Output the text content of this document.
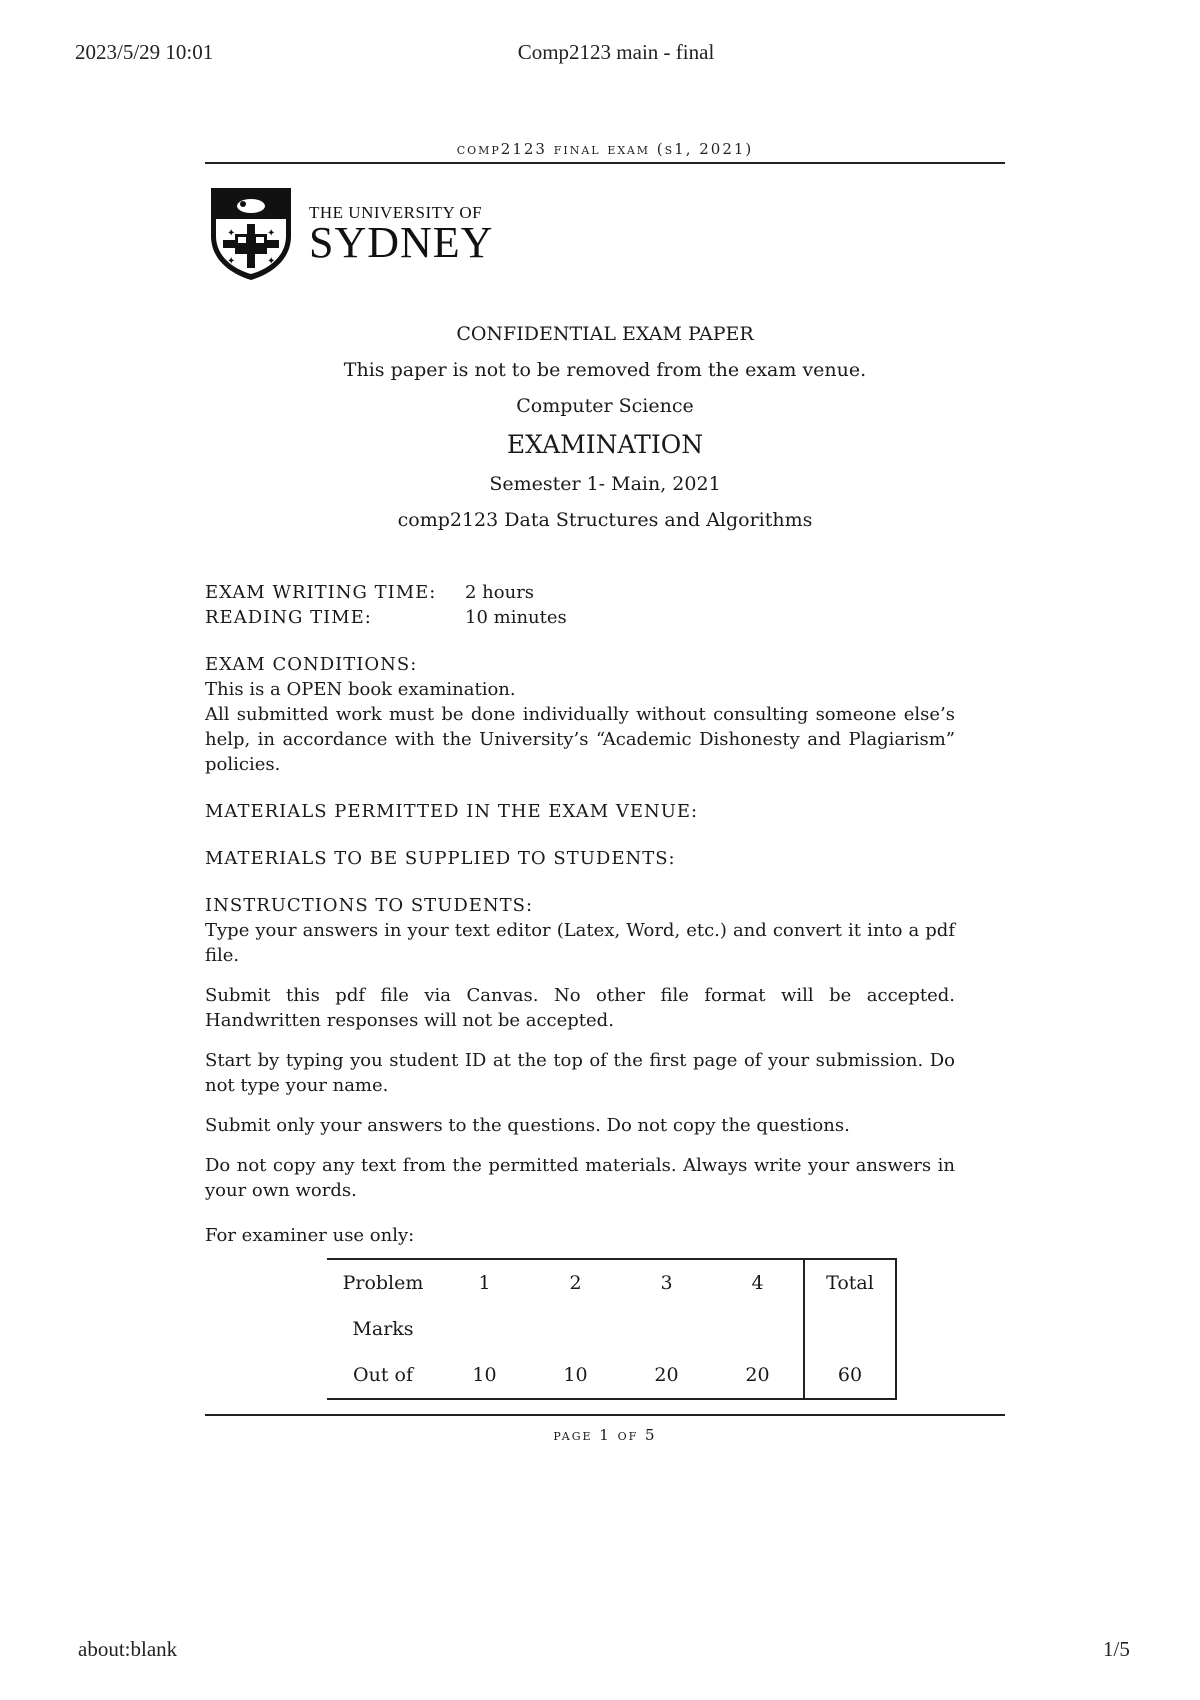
2023/5/29 10:01	Comp2123 main - final
comp2123 final exam (s1, 2021)
✦	✦
✦	✦
THE UNIVERSITY OF
SYDNEY
CONFIDENTIAL EXAM PAPER
This paper is not to be removed from the exam venue.
Computer Science
EXAMINATION
Semester 1- Main, 2021
comp2123 Data Structures and Algorithms
EXAM WRITING TIME:	2 hours
READING TIME:	10 minutes
EXAM CONDITIONS:
This is a OPEN book examination.
All submitted work must be done individually without consulting someone else’s help, in accordance with the University’s “Academic Dishonesty and Plagiarism” policies.
MATERIALS PERMITTED IN THE EXAM VENUE:
MATERIALS TO BE SUPPLIED TO STUDENTS:
INSTRUCTIONS TO STUDENTS:

Type your answers in your text editor (Latex, Word, etc.) and convert it into a pdf file.

Submit this pdf file via Canvas. No other file format will be accepted. Handwritten responses will not be accepted.

Start by typing you student ID at the top of the first page of your submission. Do not type your name.

Submit only your answers to the questions. Do not copy the questions.

Do not copy any text from the permitted materials. Always write your answers in your own words.

For examiner use only:
Problem	1	2	3	4	Total
Marks					
Out of	10	10	20	20	60
page 1 of 5
about:blank	1/5
